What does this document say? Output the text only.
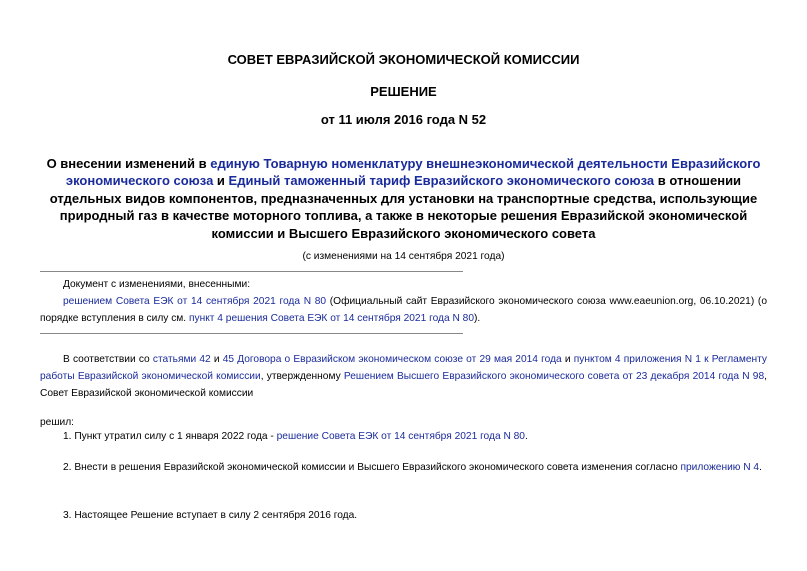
СОВЕТ ЕВРАЗИЙСКОЙ ЭКОНОМИЧЕСКОЙ КОМИССИИ
РЕШЕНИЕ
от 11 июля 2016 года N 52
О внесении изменений в единую Товарную номенклатуру внешнеэкономической деятельности Евразийского экономического союза и Единый таможенный тариф Евразийского экономического союза в отношении отдельных видов компонентов, предназначенных для установки на транспортные средства, использующие природный газ в качестве моторного топлива, а также в некоторые решения Евразийской экономической комиссии и Высшего Евразийского экономического совета
(с изменениями на 14 сентября 2021 года)
Документ с изменениями, внесенными:
решением Совета ЕЭК от 14 сентября 2021 года N 80 (Официальный сайт Евразийского экономического союза www.eaeunion.org, 06.10.2021) (о порядке вступления в силу см. пункт 4 решения Совета ЕЭК от 14 сентября 2021 года N 80).
В соответствии со статьями 42 и 45 Договора о Евразийском экономическом союзе от 29 мая 2014 года и пунктом 4 приложения N 1 к Регламенту работы Евразийской экономической комиссии, утвержденному Решением Высшего Евразийского экономического совета от 23 декабря 2014 года N 98, Совет Евразийской экономической комиссии
решил:
1. Пункт утратил силу с 1 января 2022 года - решение Совета ЕЭК от 14 сентября 2021 года N 80.
2. Внести в решения Евразийской экономической комиссии и Высшего Евразийского экономического совета изменения согласно приложению N 4.
3. Настоящее Решение вступает в силу 2 сентября 2016 года.
